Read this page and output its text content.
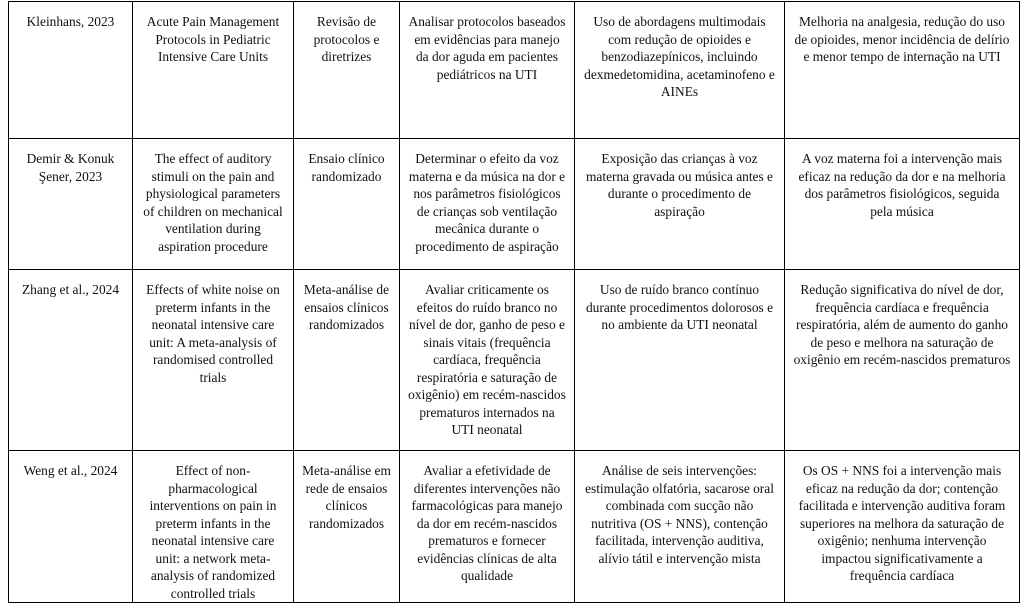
Kleinhans, 2023	Acute Pain Management Protocols in Pediatric Intensive Care Units	Revisão de protocolos e diretrizes	Analisar protocolos baseados em evidências para manejo da dor aguda em pacientes pediátricos na UTI	Uso de abordagens multimodais com redução de opioides e benzodiazepínicos, incluindo dexmedetomidina, acetaminofeno e AINEs	Melhoria na analgesia, redução do uso de opioides, menor incidência de delírio e menor tempo de internação na UTI
Demir & Konuk Şener, 2023	The effect of auditory stimuli on the pain and physiological parameters of children on mechanical ventilation during aspiration procedure	Ensaio clínico randomizado	Determinar o efeito da voz materna e da música na dor e nos parâmetros fisiológicos de crianças sob ventilação mecânica durante o procedimento de aspiração	Exposição das crianças à voz materna gravada ou música antes e durante o procedimento de aspiração	A voz materna foi a intervenção mais eficaz na redução da dor e na melhoria dos parâmetros fisiológicos, seguida pela música
Zhang et al., 2024	Effects of white noise on preterm infants in the neonatal intensive care unit: A meta-analysis of randomised controlled trials	Meta-análise de ensaios clínicos randomizados	Avaliar criticamente os efeitos do ruído branco no nível de dor, ganho de peso e sinais vitais (frequência cardíaca, frequência respiratória e saturação de oxigênio) em recém-nascidos prematuros internados na UTI neonatal	Uso de ruído branco contínuo durante procedimentos dolorosos e no ambiente da UTI neonatal	Redução significativa do nível de dor, frequência cardíaca e frequência respiratória, além de aumento do ganho de peso e melhora na saturação de oxigênio em recém-nascidos prematuros
Weng et al., 2024	Effect of non-pharmacological interventions on pain in preterm infants in the neonatal intensive care unit: a network meta-analysis of randomized controlled trials	Meta-análise em rede de ensaios clínicos randomizados	Avaliar a efetividade de diferentes intervenções não farmacológicas para manejo da dor em recém-nascidos prematuros e fornecer evidências clínicas de alta qualidade	Análise de seis intervenções: estimulação olfatória, sacarose oral combinada com sucção não nutritiva (OS + NNS), contenção facilitada, intervenção auditiva, alívio tátil e intervenção mista	Os OS + NNS foi a intervenção mais eficaz na redução da dor; contenção facilitada e intervenção auditiva foram superiores na melhora da saturação de oxigênio; nenhuma intervenção impactou significativamente a frequência cardíaca
